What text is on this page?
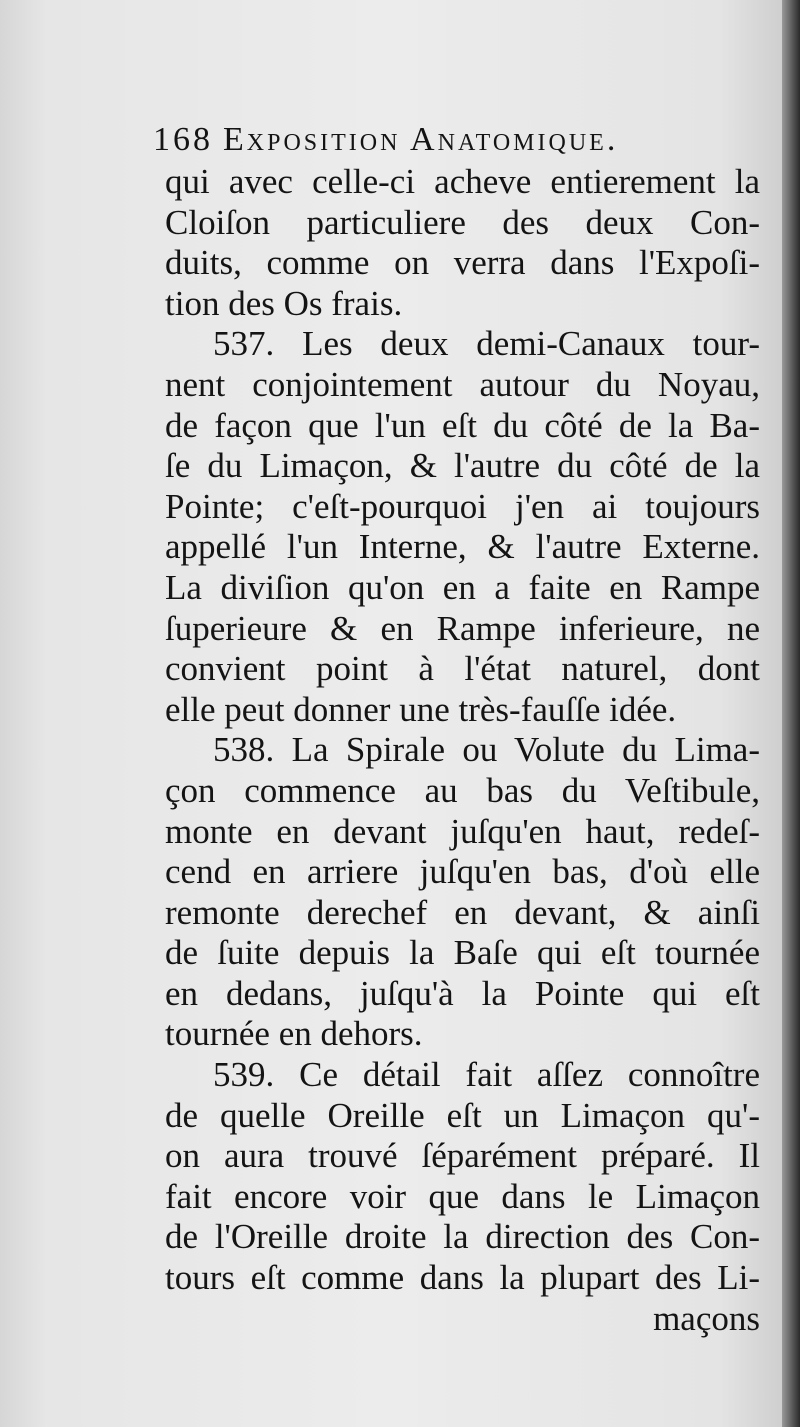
168 Exposition Anatomique.
qui avec celle-ci acheve entierement la
Cloiſon particuliere des deux Con-
duits, comme on verra dans l'Expoſi-
tion des Os frais.
537. Les deux demi-Canaux tour-
nent conjointement autour du Noyau,
de façon que l'un eſt du côté de la Ba-
ſe du Limaçon, & l'autre du côté de la
Pointe; c'eſt-pourquoi j'en ai toujours
appellé l'un Interne, & l'autre Externe.
La diviſion qu'on en a faite en Rampe
ſuperieure & en Rampe inferieure, ne
convient point à l'état naturel, dont
elle peut donner une très-fauſſe idée.
538. La Spirale ou Volute du Lima-
çon commence au bas du Veſtibule,
monte en devant juſqu'en haut, redeſ-
cend en arriere juſqu'en bas, d'où elle
remonte derechef en devant, & ainſi
de ſuite depuis la Baſe qui eſt tournée
en dedans, juſqu'à la Pointe qui eſt
tournée en dehors.
539. Ce détail fait aſſez connoître
de quelle Oreille eſt un Limaçon qu'-
on aura trouvé ſéparément préparé. Il
fait encore voir que dans le Limaçon
de l'Oreille droite la direction des Con-
tours eſt comme dans la plupart des Li-
maçons
